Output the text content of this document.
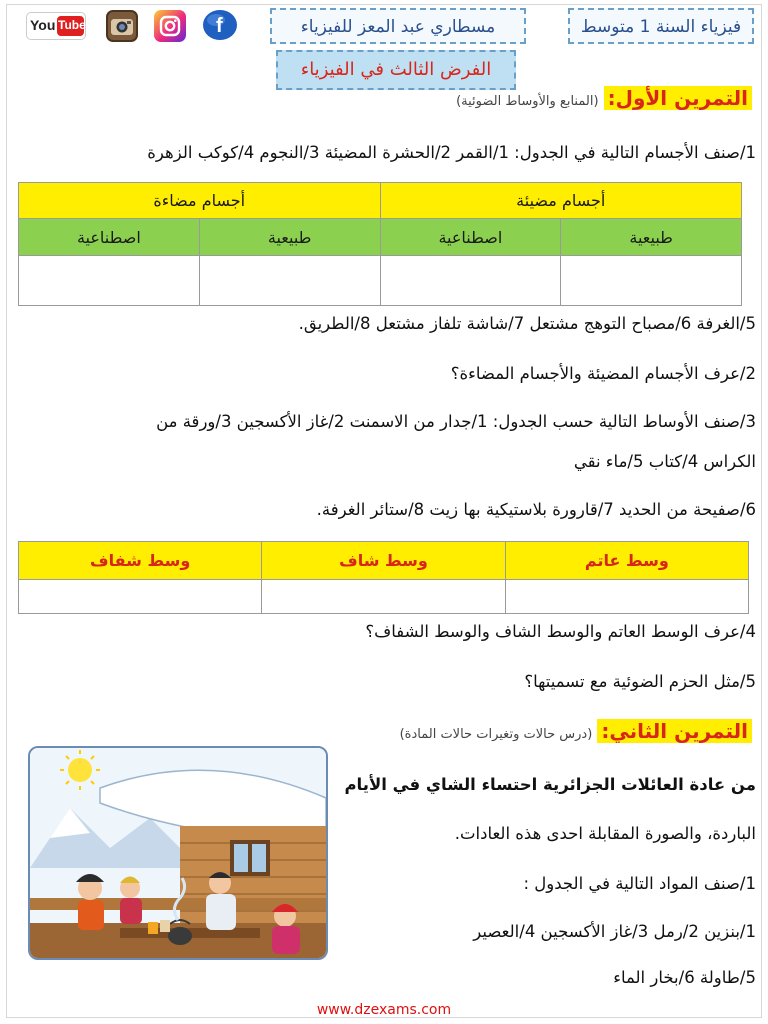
فيزياء السنة 1 متوسط
مسطاري عبد المعز للفيزياء
الفرض الثالث في الفيزياء
You Tube	f
التمرين الأول: (المنابع والأوساط الضوئية)
1/صنف الأجسام التالية في الجدول: 1/القمر 2/الحشرة المضيئة 3/النجوم 4/كوكب الزهرة
أجسام مضيئة		أجسام مضاءة	
طبيعية	اصطناعية	طبيعية	اصطناعية

5/الغرفة 6/مصباح التوهج مشتعل 7/شاشة تلفاز مشتعل 8/الطريق.
2/عرف الأجسام المضيئة والأجسام المضاءة؟
3/صنف الأوساط التالية حسب الجدول: 1/جدار من الاسمنت 2/غاز الأكسجين 3/ورقة من
الكراس 4/كتاب 5/ماء نقي
6/صفيحة من الحديد 7/قارورة بلاستيكية بها زيت 8/ستائر الغرفة.
وسط عاتم	وسط شاف	وسط شفاف

4/عرف الوسط العاتم والوسط الشاف والوسط الشفاف؟
5/مثل الحزم الضوئية مع تسميتها؟
التمرين الثاني: (درس حالات وتغيرات حالات المادة)
من عادة العائلات الجزائرية احتساء الشاي في الأيام
الباردة، والصورة المقابلة احدى هذه العادات.
1/صنف المواد التالية في الجدول :
1/بنزين 2/رمل 3/غاز الأكسجين 4/العصير
5/طاولة 6/بخار الماء
www.dzexams.com
